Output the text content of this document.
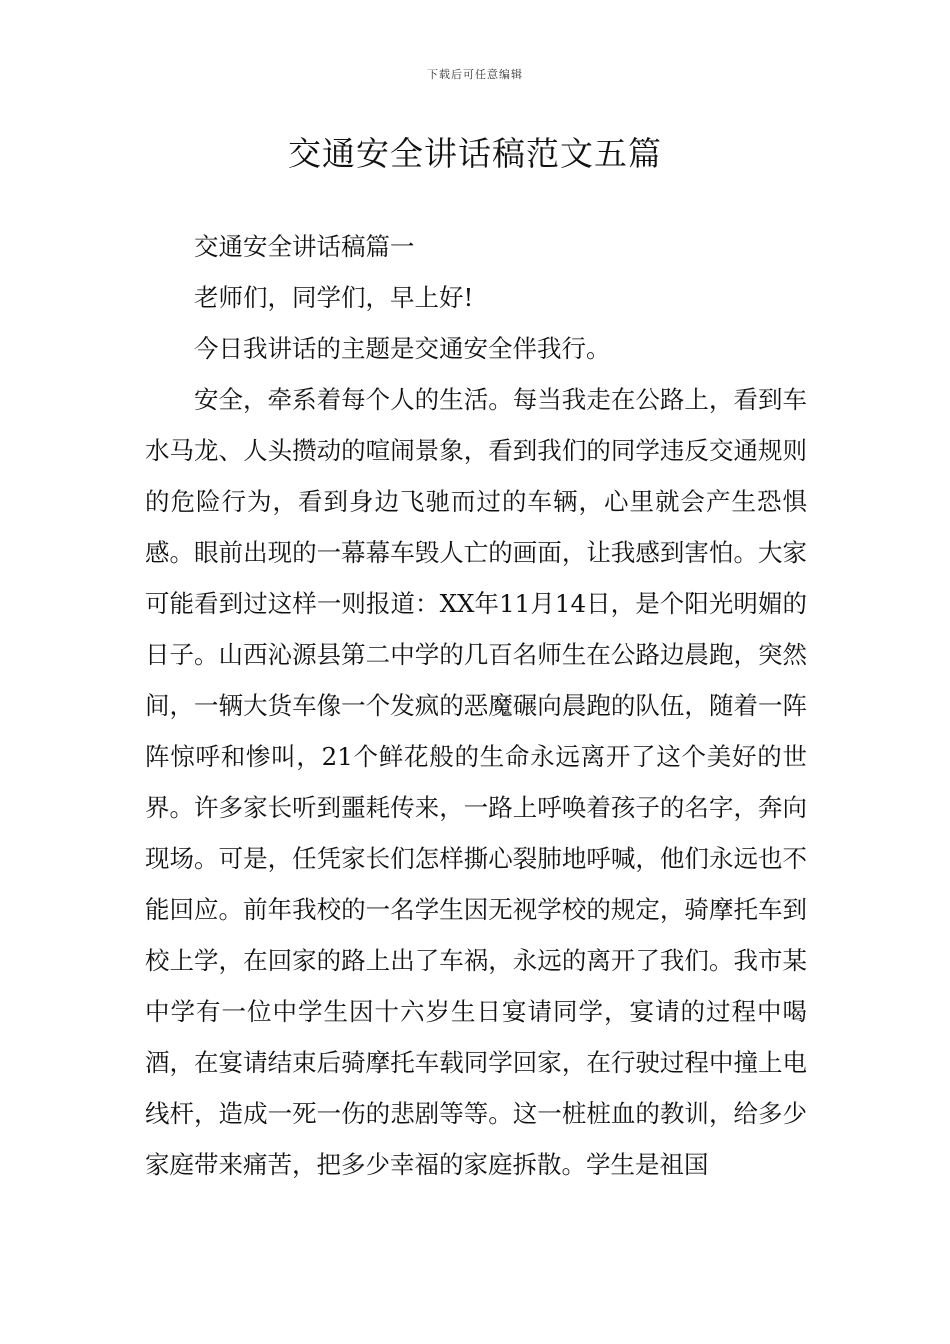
下载后可任意编辑
交通安全讲话稿范文五篇

交通安全讲话稿篇一

老师们，同学们，早上好!

今日我讲话的主题是交通安全伴我行。

安全，牵系着每个人的生活。每当我走在公路上，看到车水马龙、人头攒动的喧闹景象，看到我们的同学违反交通规则的危险行为，看到身边飞驰而过的车辆，心里就会产生恐惧感。眼前出现的一幕幕车毁人亡的画面，让我感到害怕。大家可能看到过这样一则报道：XX年11月14日，是个阳光明媚的日子。山西沁源县第二中学的几百名师生在公路边晨跑，突然间，一辆大货车像一个发疯的恶魔碾向晨跑的队伍，随着一阵阵惊呼和惨叫，21个鲜花般的生命永远离开了这个美好的世界。许多家长听到噩耗传来，一路上呼唤着孩子的名字，奔向现场。可是，任凭家长们怎样撕心裂肺地呼喊，他们永远也不能回应。前年我校的一名学生因无视学校的规定，骑摩托车到校上学，在回家的路上出了车祸，永远的离开了我们。我市某中学有一位中学生因十六岁生日宴请同学，宴请的过程中喝酒，在宴请结束后骑摩托车载同学回家，在行驶过程中撞上电线杆，造成一死一伤的悲剧等等。这一桩桩血的教训，给多少家庭带来痛苦，把多少幸福的家庭拆散。学生是祖国
